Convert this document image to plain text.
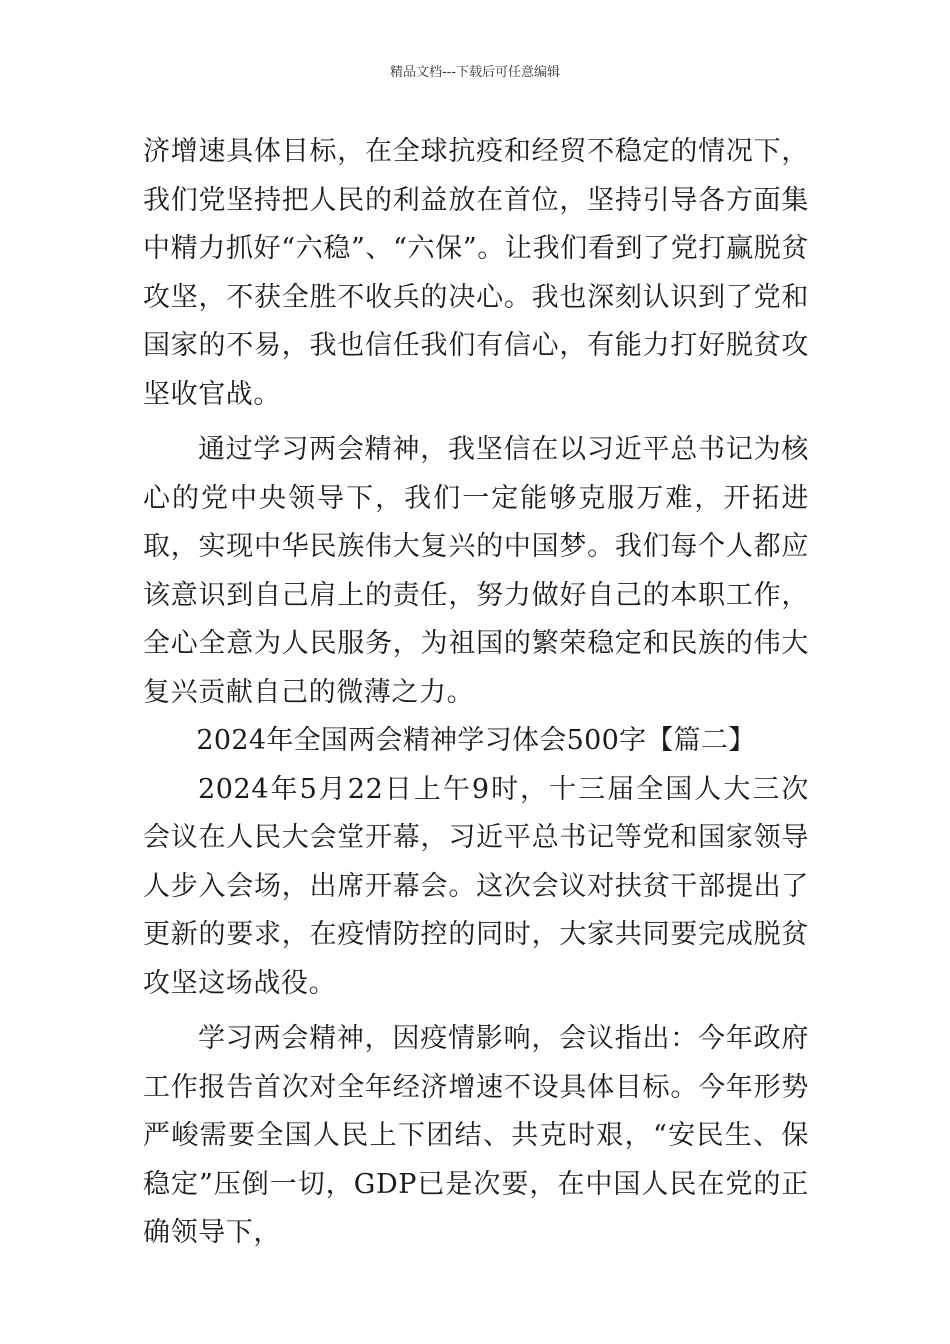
精品文档---下载后可任意编辑

济增速具体目标，在全球抗疫和经贸不稳定的情况下，我们党坚持把人民的利益放在首位，坚持引导各方面集中精力抓好“六稳”、“六保”。让我们看到了党打赢脱贫攻坚，不获全胜不收兵的决心。我也深刻认识到了党和国家的不易，我也信任我们有信心，有能力打好脱贫攻坚收官战。

通过学习两会精神，我坚信在以习近平总书记为核心的党中央领导下，我们一定能够克服万难，开拓进取，实现中华民族伟大复兴的中国梦。我们每个人都应该意识到自己肩上的责任，努力做好自己的本职工作，全心全意为人民服务，为祖国的繁荣稳定和民族的伟大复兴贡献自己的微薄之力。

2024年全国两会精神学习体会500字【篇二】

2024年5月22日上午9时，十三届全国人大三次会议在人民大会堂开幕，习近平总书记等党和国家领导人步入会场，出席开幕会。这次会议对扶贫干部提出了更新的要求，在疫情防控的同时，大家共同要完成脱贫攻坚这场战役。

学习两会精神，因疫情影响，会议指出：今年政府工作报告首次对全年经济增速不设具体目标。今年形势严峻需要全国人民上下团结、共克时艰，“安民生、保稳定”压倒一切，GDP已是次要，在中国人民在党的正确领导下，
